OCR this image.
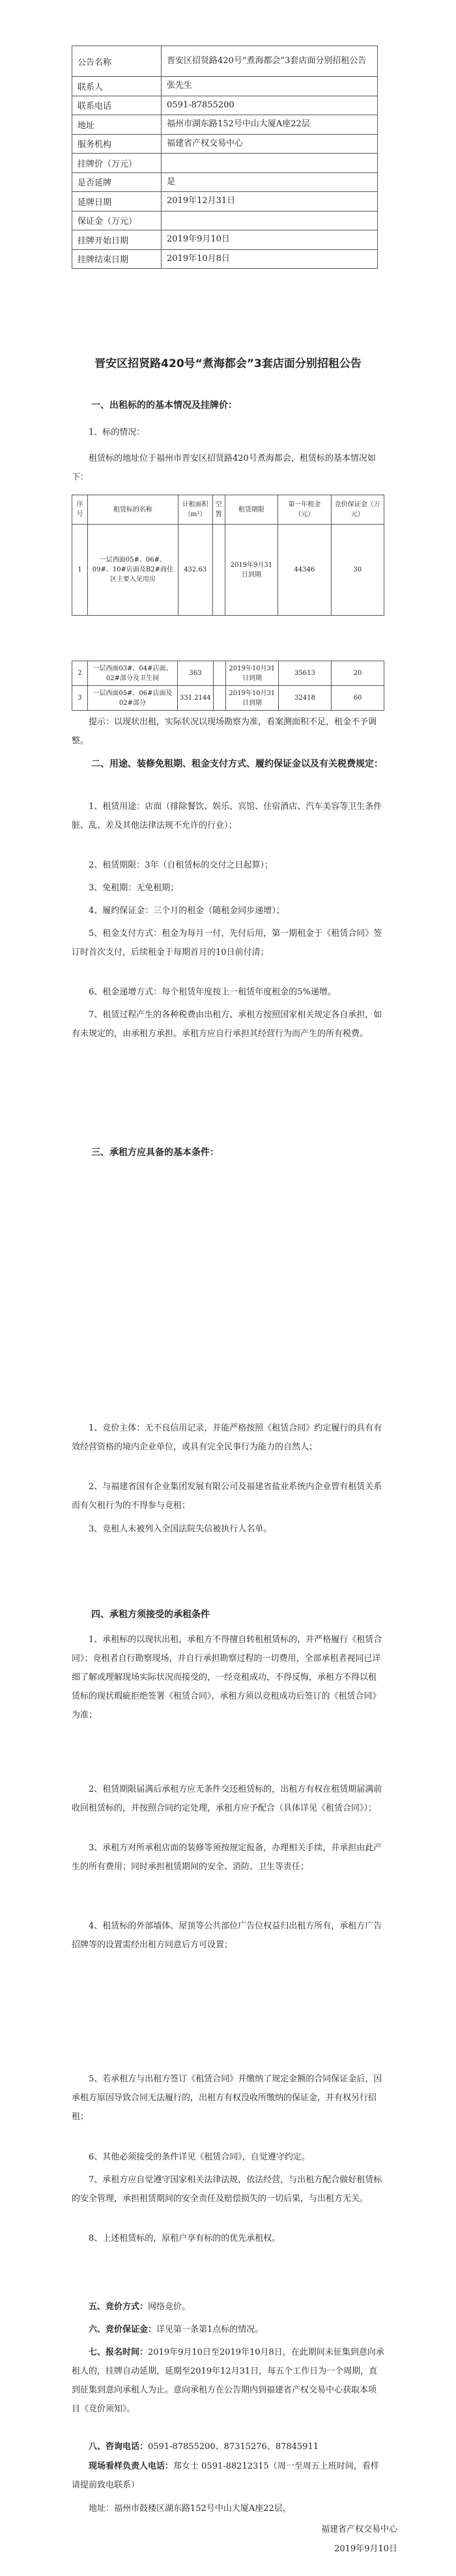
公告名称	晋安区招贤路420号“煮海都会”3套店面分别招租公告
联系人	张先生
联系电话	0591-87855200
地址	福州市湖东路152号中山大厦A座22层
服务机构	福建省产权交易中心
挂牌价（万元）	
是否延牌	是
延牌日期	2019年12月31日
保证金（万元）	
挂牌开始日期	2019年9月10日
挂牌结束日期	2019年10月8日
晋安区招贤路420号“煮海都会”3套店面分别招租公告

一、出租标的的基本情况及挂牌价：

1、标的情况：

租赁标的地址位于福州市晋安区招贤路420号煮海都会，租赁标的基本情况如下：

序号	租赁标的名称	计租面积（m²）	空置	租赁期限	第一年租金（元）	竞价保证金（万元）
1	一层西面05#、06#、09#、10#店面及B2#商住区主要入见用房	432.63		2019年9月31日到期	44346	30
2	一层西面03#、04#店面、02#部分及卫生间	363		2019年10月31日到期	35613	20
3	一层西面05#、06#店面及02#部分	331.2144		2019年10月31日到期	32418	60

提示：以现状出租，实际状况以现场勘察为准，看案测面积不足，租金不予调整。

二、用途、装修免租期、租金支付方式、履约保证金以及有关税费规定：

1、租赁用途：店面（排除餐饮、娱乐、宾馆、住宿酒店、汽车美容等卫生条件脏、乱、差及其他法律法规不允许的行业）；

2、租赁期限：3年（自租赁标的交付之日起算）；

3、免租期：无免租期；

4、履约保证金：三个月的租金（随租金同步递增）；

5、租金支付方式：租金为每月一付，先付后用，第一期租金于《租赁合同》签订时首次支付，后续租金于每期首月的10日前付清；

6、租金递增方式：每个租赁年度按上一租赁年度租金的5%递增。

7、租赁过程产生的各种税费由出租方、承租方按照国家相关规定各自承担，如有未规定的，由承租方承担。承租方应自行承担其经营行为而产生的所有税费。

三、承租方应具备的基本条件：

1、竞价主体：无不良信用记录，并能严格按照《租赁合同》约定履行的具有有效经营资格的境内企业单位，或具有完全民事行为能力的自然人；

2、与福建省国有企业集团发展有限公司及福建省盐业系统内企业曾有租赁关系而有欠租行为的不得参与竞租；

3、竞租人未被列入全国法院失信被执行人名单。

四、承租方须接受的承租条件

1、承租标的以现状出租，承租方不得擅自转租租赁标的，并严格履行《租赁合同》；竞租者自行勘察现场，并自行承担勘察过程的一切费用，全部承租者视同已详细了解或理解现场实际状况而接受的，一经竞租成功，不得反悔，承租方不得以租赁标的现状瑕疵拒绝签署《租赁合同》，承租方须以竞租成功后签订的《租赁合同》为准；

2、租赁期限届满后承租方应无条件交还租赁标的，出租方有权在租赁期届满前收回租赁标的，并按照合同约定处理，承租方应予配合（具体详见《租赁合同》）；

3、承租方对所承租店面的装修等须按规定报备，办理相关手续，并承担由此产生的所有费用；同时承担租赁期间的安全、消防、卫生等责任；

4、租赁标的外部墙体、屋顶等公共部位广告位权益归出租方所有，承租方广告招牌等的设置需经出租方同意后方可设置；

5、若承租方与出租方签订《租赁合同》并缴纳了规定金额的合同保证金后，因承租方原因导致合同无法履行的，出租方有权没收所缴纳的保证金，并有权另行招租；

6、其他必须接受的条件详见《租赁合同》，自觉遵守约定。

7、承租方应自觉遵守国家相关法律法规，依法经营，与出租方配合做好租赁标的安全管理，承担租赁期间的安全责任及赔偿损失的一切后果，与出租方无关。

8、上述租赁标的，原租户享有标的的优先承租权。

五、竞价方式：网络竞价。

六、竞价保证金：详见第一条第1点标的情况。

七、报名时间：2019年9月10日至2019年10月8日，在此期间未征集到意向承租人的，挂牌自动延期，延期至2019年12月31日，每五个工作日为一个周期，直到征集到意向承租人为止。意向承租方在公告期内到福建省产权交易中心获取本项目《竞价须知》。

八、咨询电话：0591-87855200、87315276、87845911

现场看样负责人电话：郑女士 0591-88212315（周一至周五上班时间，看样请提前致电联系）

地址：福州市鼓楼区湖东路152号中山大厦A座22层，

福建省产权交易中心

2019年9月10日
